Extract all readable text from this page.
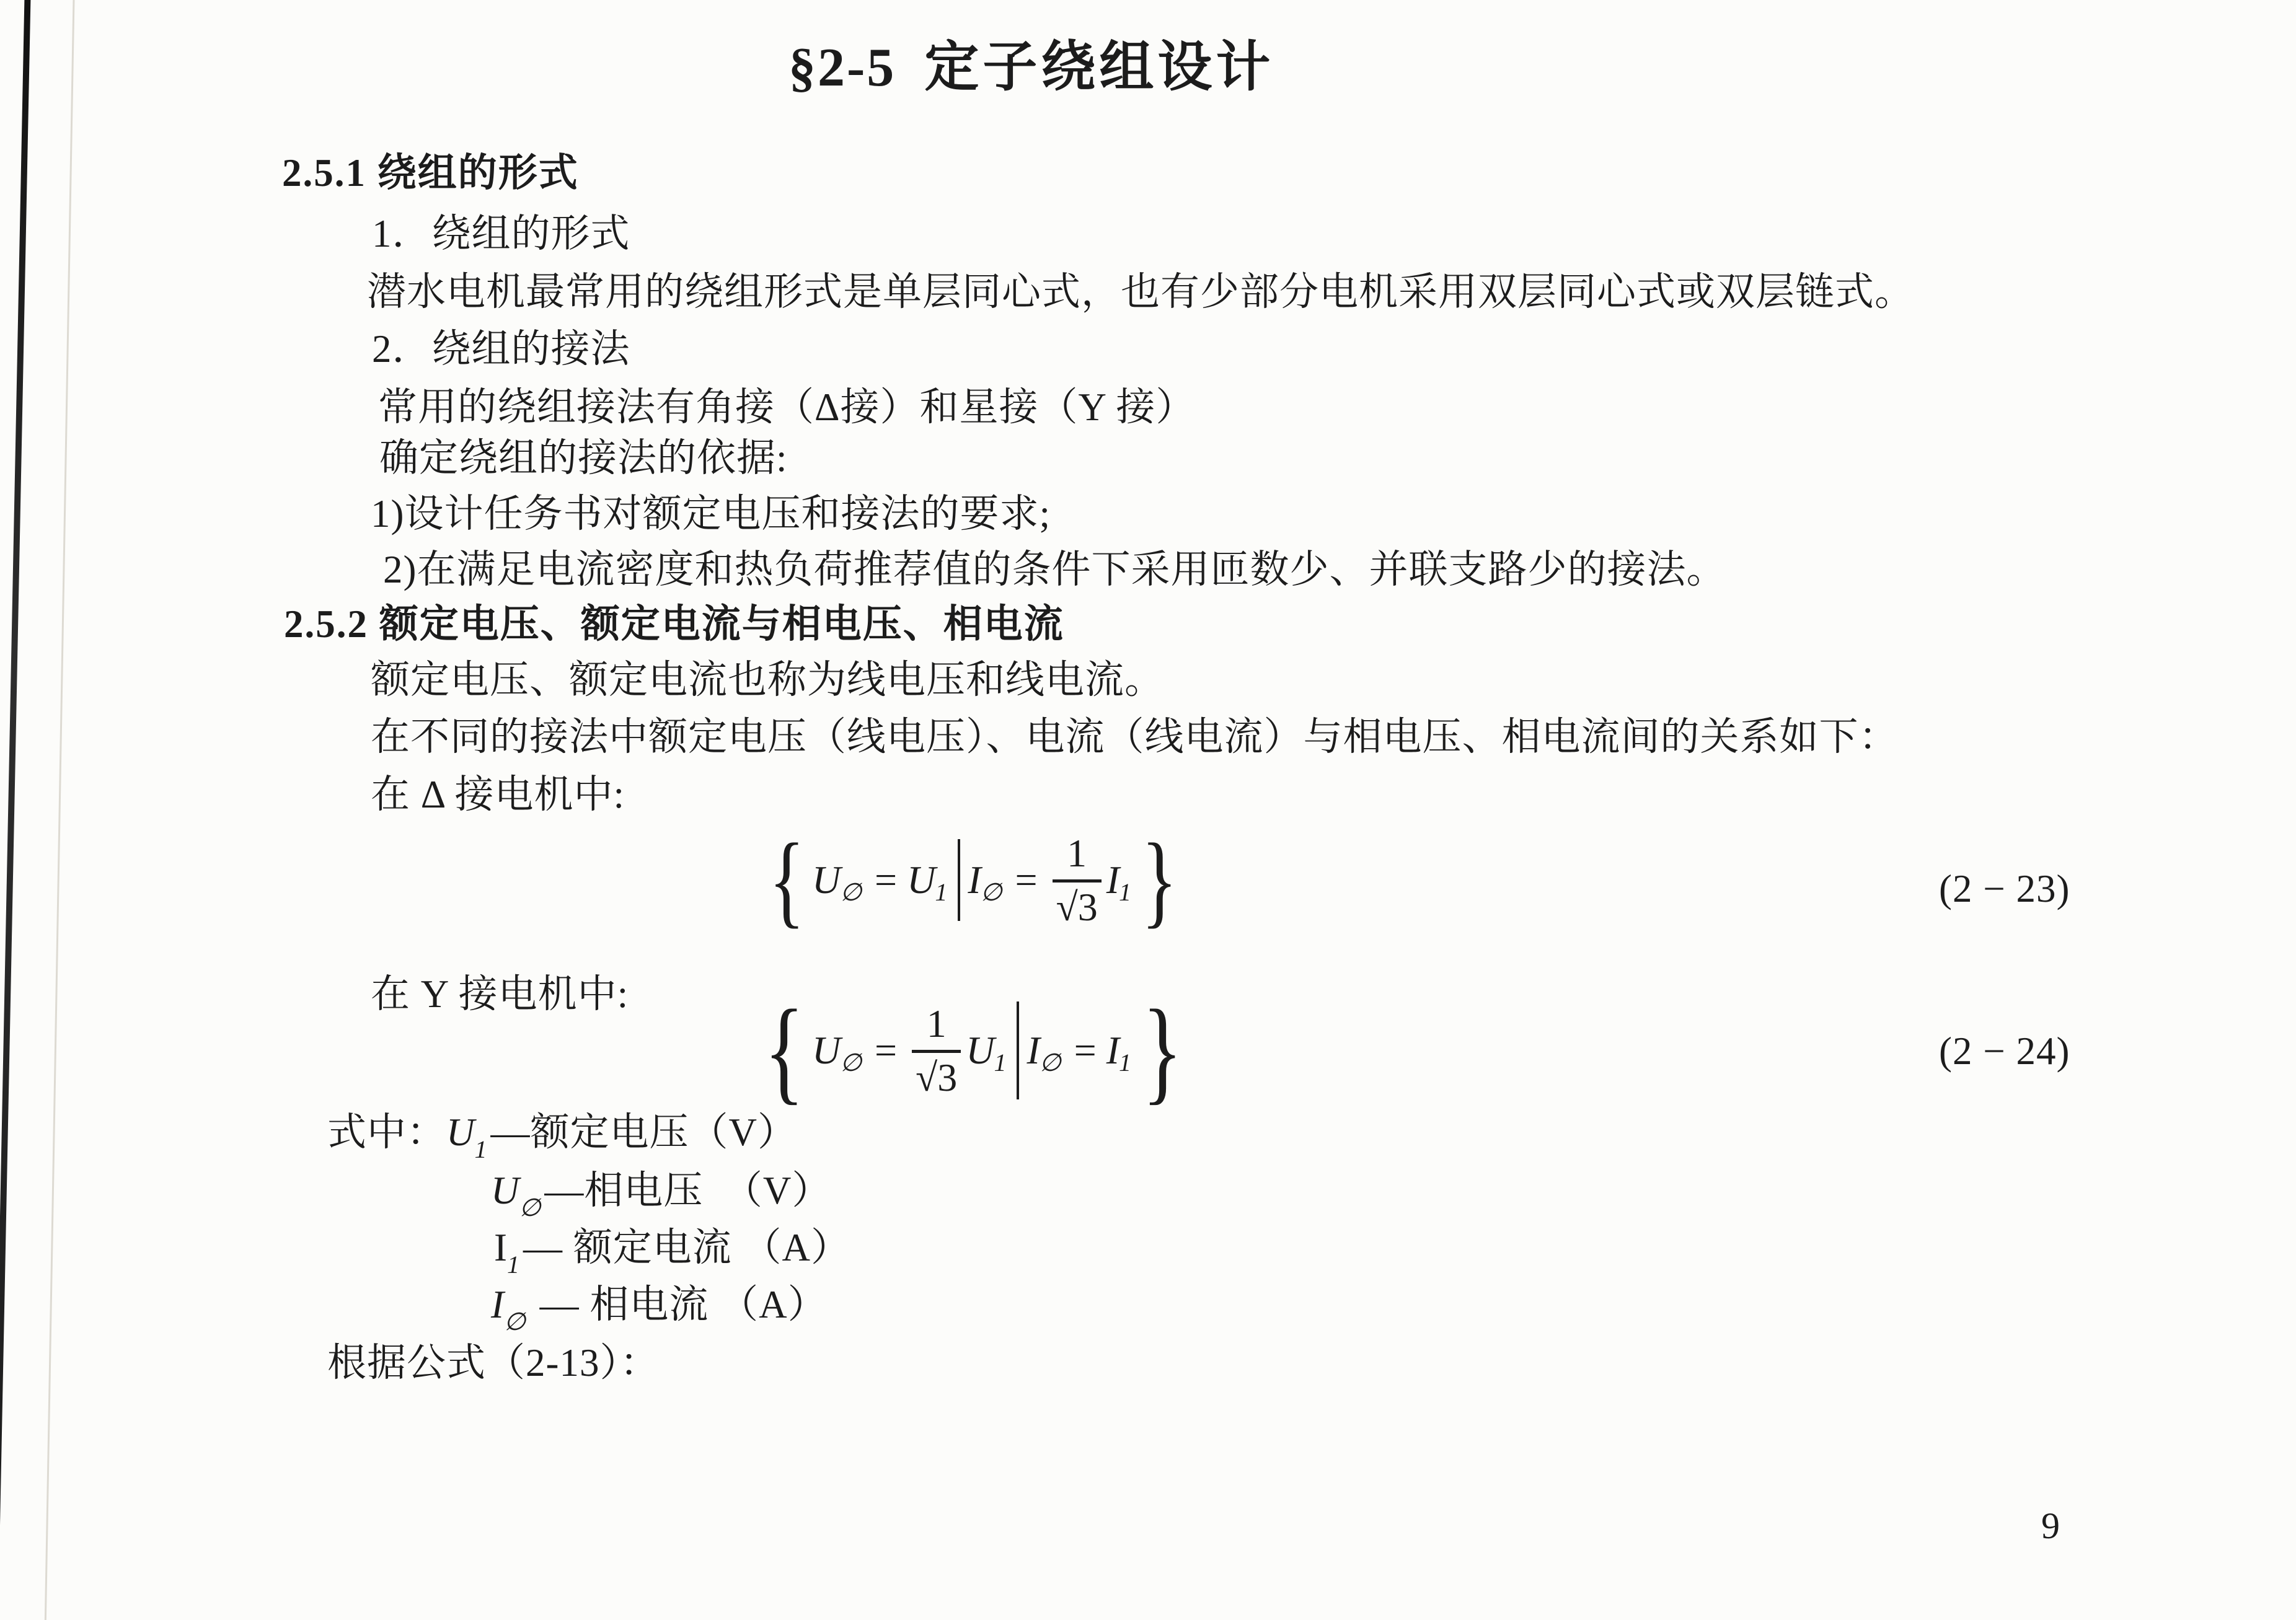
§2-5 定子绕组设计
2.5.1 绕组的形式
1．绕组的形式
潜水电机最常用的绕组形式是单层同心式，也有少部分电机采用双层同心式或双层链式。
2．绕组的接法
常用的绕组接法有角接（Δ接）和星接（Y 接）
确定绕组的接法的依据:
1)设计任务书对额定电压和接法的要求;
2)在满足电流密度和热负荷推荐值的条件下采用匝数少、并联支路少的接法。
2.5.2 额定电压、额定电流与相电压、相电流
额定电压、额定电流也称为线电压和线电流。
在不同的接法中额定电压（线电压）、电流（线电流）与相电压、相电流间的关系如下：
在 Δ 接电机中:
{ U ∅ = U 1 I ∅ = $\frac{1}{√3}$ I 1 }	(2 − 23)
在 Y 接电机中: { U ∅ = $\frac{1}{√3}$ U 1 I ∅ = I 1 }	(2 − 24)
式中：$U_1—$额定电压（V）
$U_\emptyset—$相电压　（V）
$I_1—$ 额定电流 （A）
$I_\emptyset$ — 相电流 （A）
根据公式（2-13）：
9
